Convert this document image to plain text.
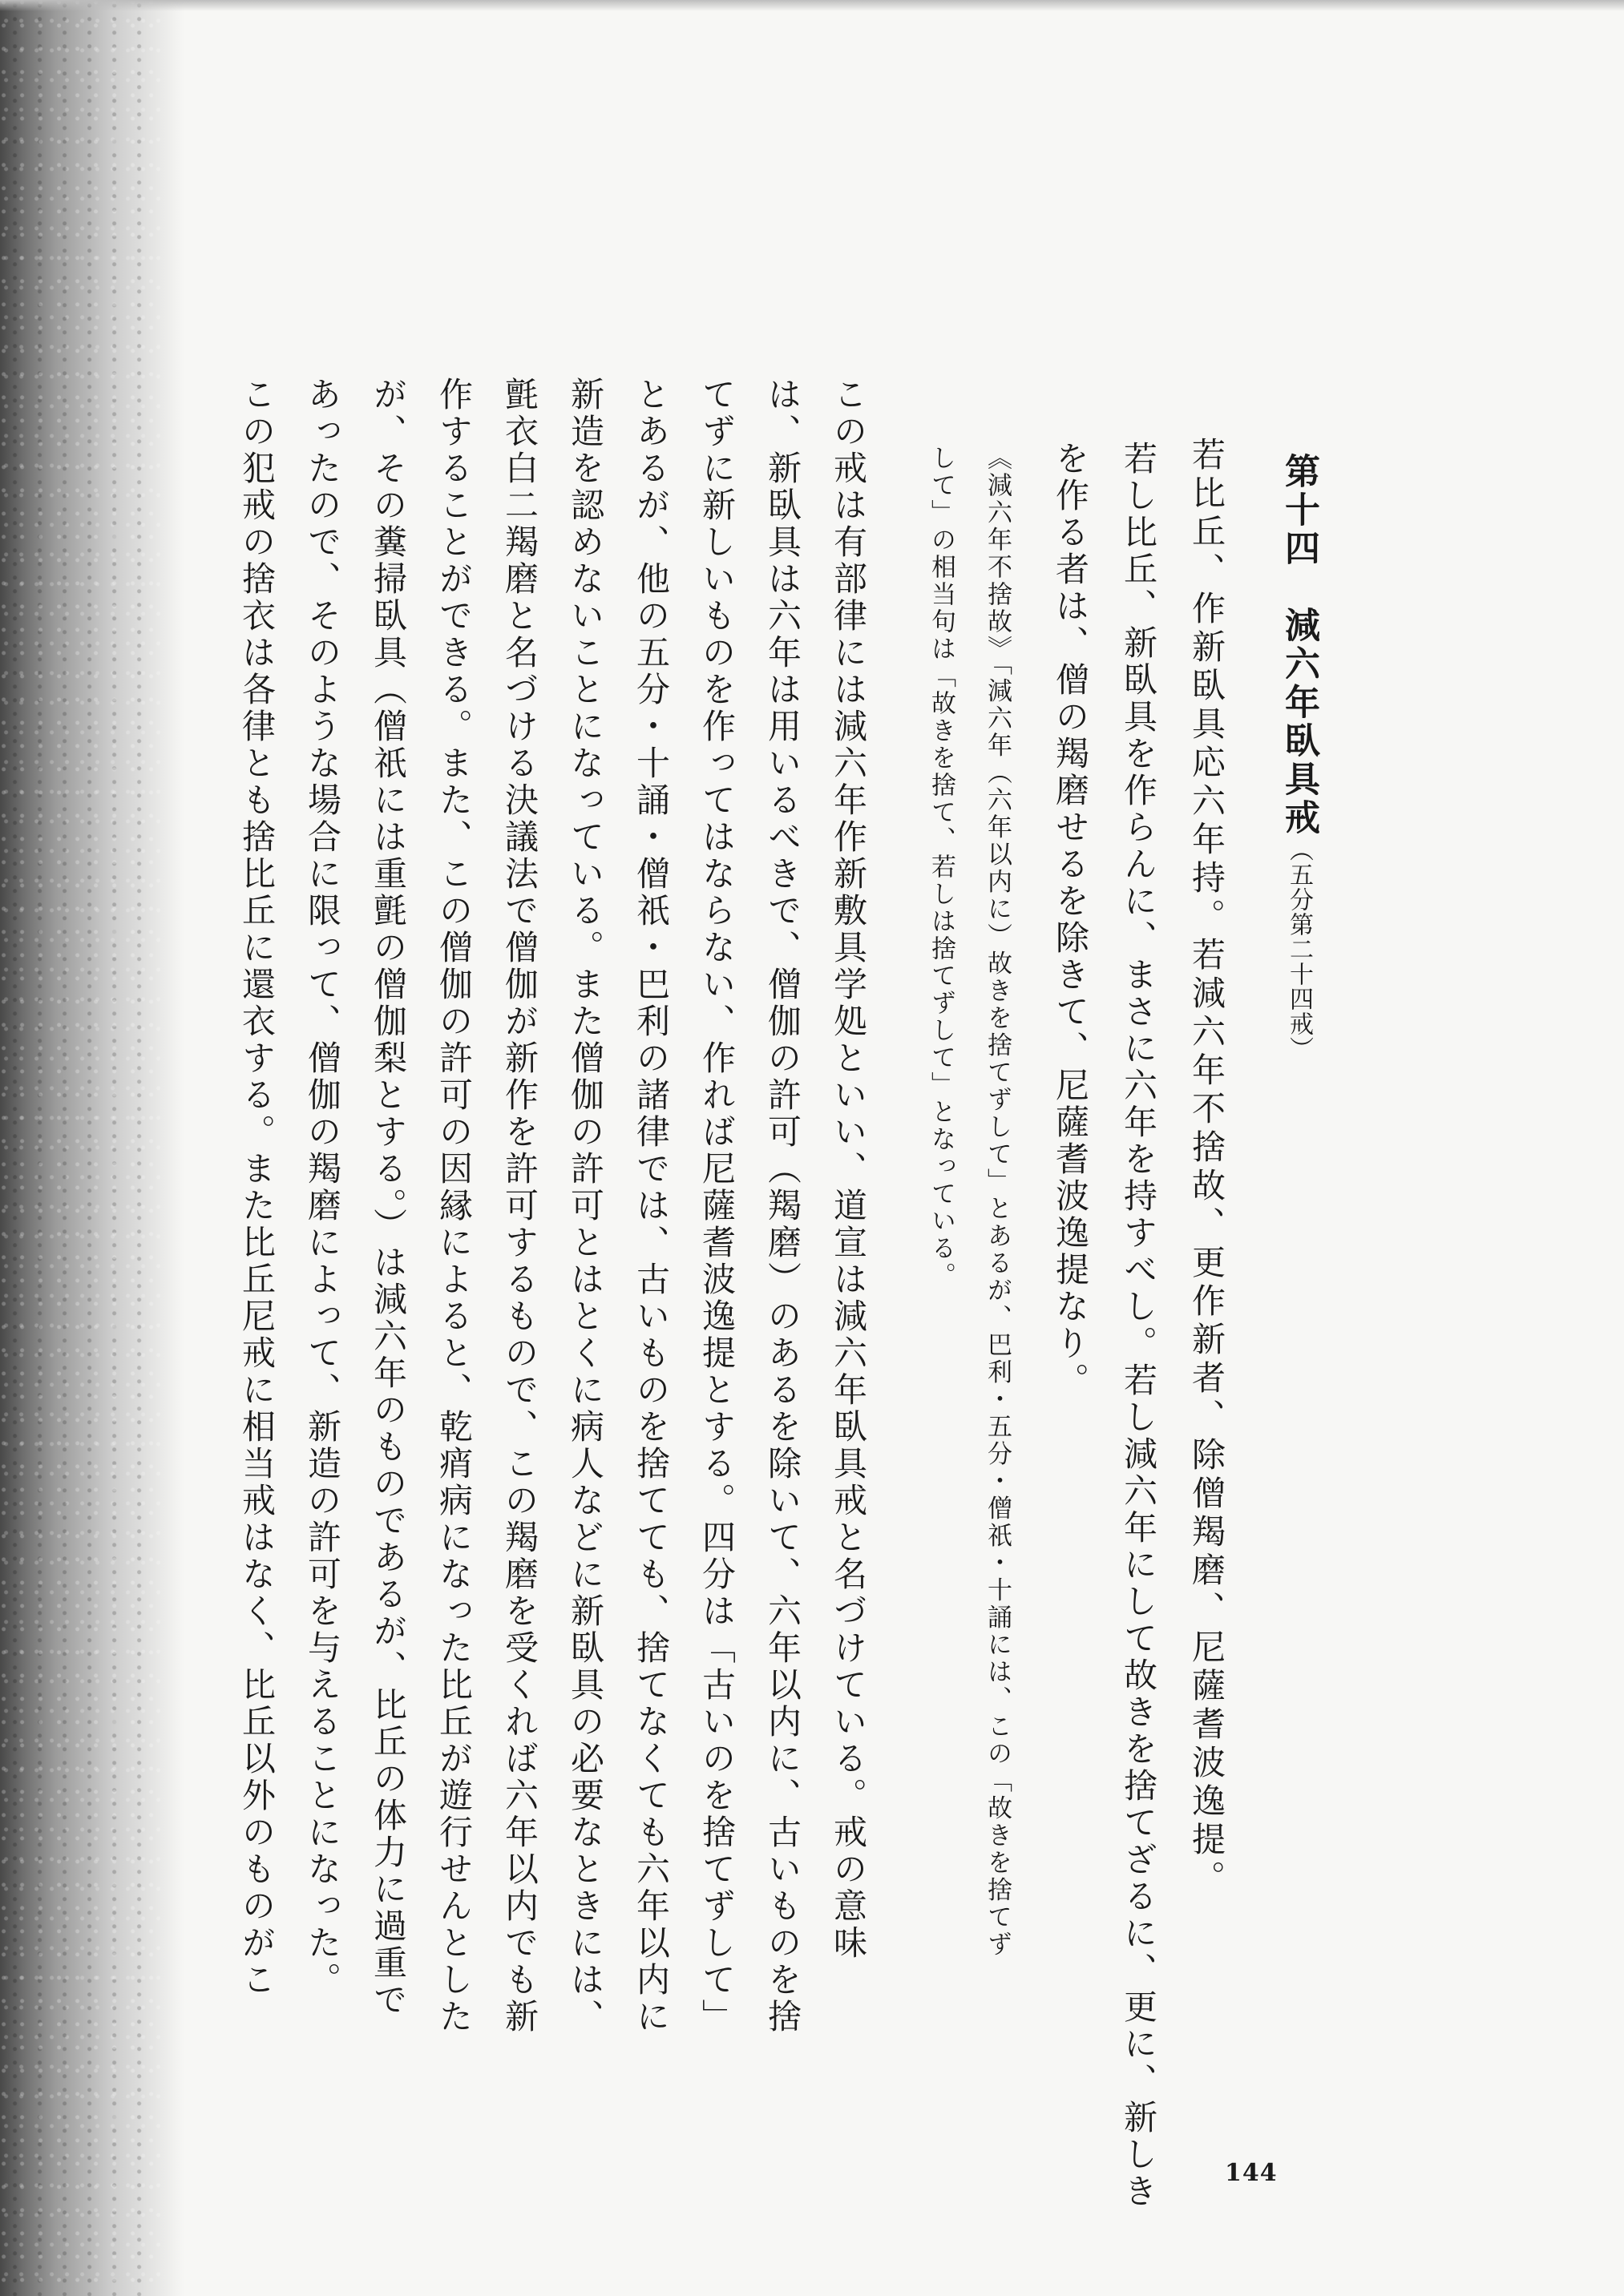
第十四　減六年臥具戒（五分第二十四戒）
若比丘、作新臥具応六年持。若減六年不捨故、更作新者、除僧羯磨、尼薩耆波逸提。
若し比丘、新臥具を作らんに、まさに六年を持すべし。若し減六年にして故きを捨てざるに、更に、新しき
を作る者は、僧の羯磨せるを除きて、尼薩耆波逸提なり。
《減六年不捨故》「減六年（六年以内に）故きを捨てずして」とあるが、巴利・五分・僧祇・十誦には、この「故きを捨てず
して」の相当句は「故きを捨て、若しは捨てずして」となっている。
この戒は有部律には減六年作新敷具学処といい、道宣は減六年臥具戒と名づけている。戒の意味
は、新臥具は六年は用いるべきで、僧伽の許可（羯磨）のあるを除いて、六年以内に、古いものを捨
てずに新しいものを作ってはならない、作れば尼薩耆波逸提とする。四分は「古いのを捨てずして」
とあるが、他の五分・十誦・僧祇・巴利の諸律では、古いものを捨てても、捨てなくても六年以内に
新造を認めないことになっている。また僧伽の許可とはとくに病人などに新臥具の必要なときには、
氈衣白二羯磨と名づける決議法で僧伽が新作を許可するもので、この羯磨を受くれば六年以内でも新
作することができる。また、この僧伽の許可の因縁によると、乾痟病になった比丘が遊行せんとした
が、その糞掃臥具（僧祇には重氈の僧伽梨とする。）は減六年のものであるが、比丘の体力に過重で
あったので、そのような場合に限って、僧伽の羯磨によって、新造の許可を与えることになった。
この犯戒の捨衣は各律とも捨比丘に還衣する。また比丘尼戒に相当戒はなく、比丘以外のものがこ
144
